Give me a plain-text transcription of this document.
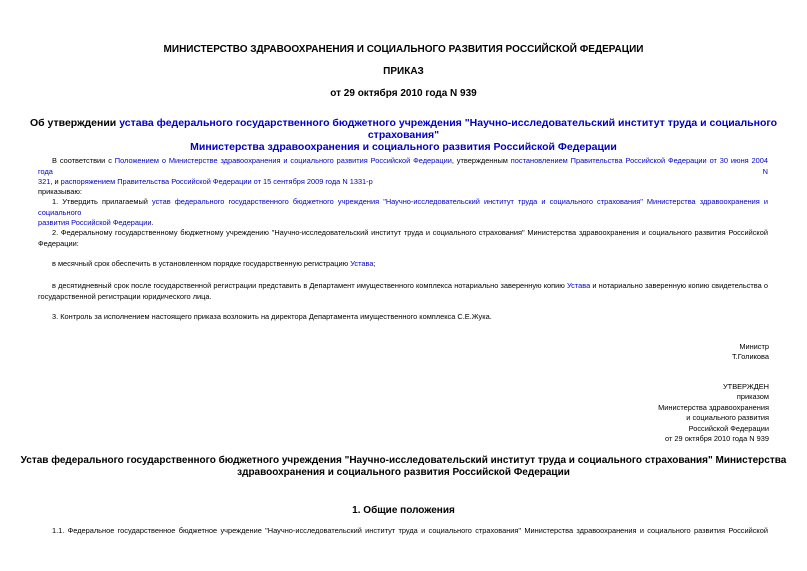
МИНИСТЕРСТВО ЗДРАВООХРАНЕНИЯ И СОЦИАЛЬНОГО РАЗВИТИЯ РОССИЙСКОЙ ФЕДЕРАЦИИ
ПРИКАЗ
от 29 октября 2010 года N 939
Об утверждении устава федерального государственного бюджетного учреждения "Научно-исследовательский институт труда и социального страхования"
Министерства здравоохранения и социального развития Российской Федерации
В соответствии с Положением о Министерстве здравоохранения и социального развития Российской Федерации, утвержденным постановлением Правительства Российской Федерации от 30 июня 2004 года N
321, и распоряжением Правительства Российской Федерации от 15 сентября 2009 года N 1331-р
приказываю:
1. Утвердить прилагаемый устав федерального государственного бюджетного учреждения "Научно-исследовательский институт труда и социального страхования" Министерства здравоохранения и социального
развития Российской Федерации.
2. Федеральному государственному бюджетному учреждению "Научно-исследовательский институт труда и социального страхования" Министерства здравоохранения и социального развития Российской
Федерации:
в месячный срок обеспечить в установленном порядке государственную регистрацию Устава;
в десятидневный срок после государственной регистрации представить в Департамент имущественного комплекса нотариально заверенную копию Устава и нотариально заверенную копию свидетельства о
государственной регистрации юридического лица.
3. Контроль за исполнением настоящего приказа возложить на директора Департамента имущественного комплекса С.Е.Жука.
Министр
Т.Голикова
УТВЕРЖДЕН
приказом
Министерства здравоохранения
и социального развития
Российской Федерации
от 29 октября 2010 года N 939
Устав федерального государственного бюджетного учреждения "Научно-исследовательский институт труда и социального страхования" Министерства
здравоохранения и социального развития Российской Федерации
1. Общие положения
1.1. Федеральное государственное бюджетное учреждение "Научно-исследовательский институт труда и социального страхования" Министерства здравоохранения и социального развития Российской
